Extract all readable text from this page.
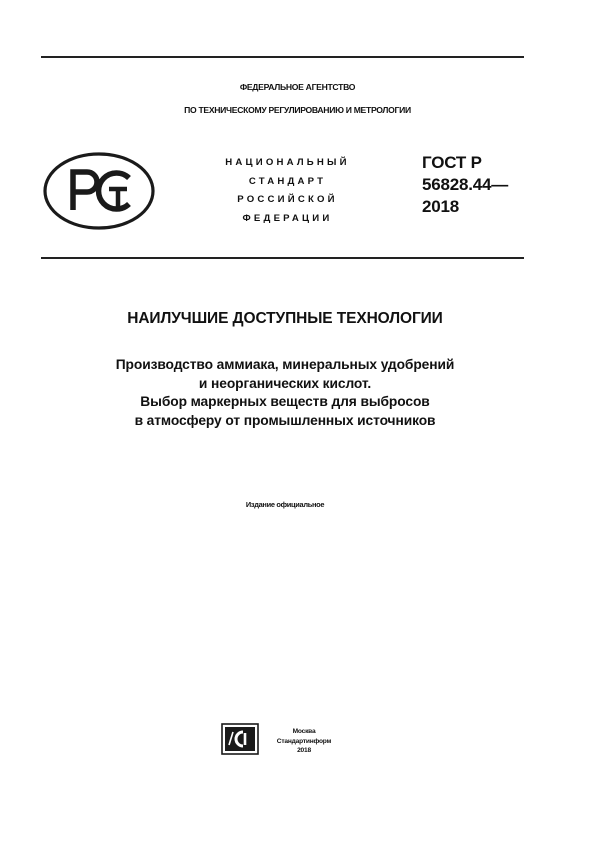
ФЕДЕРАЛЬНОЕ АГЕНТСТВО
ПО ТЕХНИЧЕСКОМУ РЕГУЛИРОВАНИЮ И МЕТРОЛОГИИ
НАЦИОНАЛЬНЫЙ
СТАНДАРТ
РОССИЙСКОЙ
ФЕДЕРАЦИИ
ГОСТ Р
56828.44—
2018
НАИЛУЧШИЕ ДОСТУПНЫЕ ТЕХНОЛОГИИ
Производство аммиака, минеральных удобрений
и неорганических кислот.
Выбор маркерных веществ для выбросов
в атмосферу от промышленных источников
Издание официальное
Москва
Стандартинформ
2018
